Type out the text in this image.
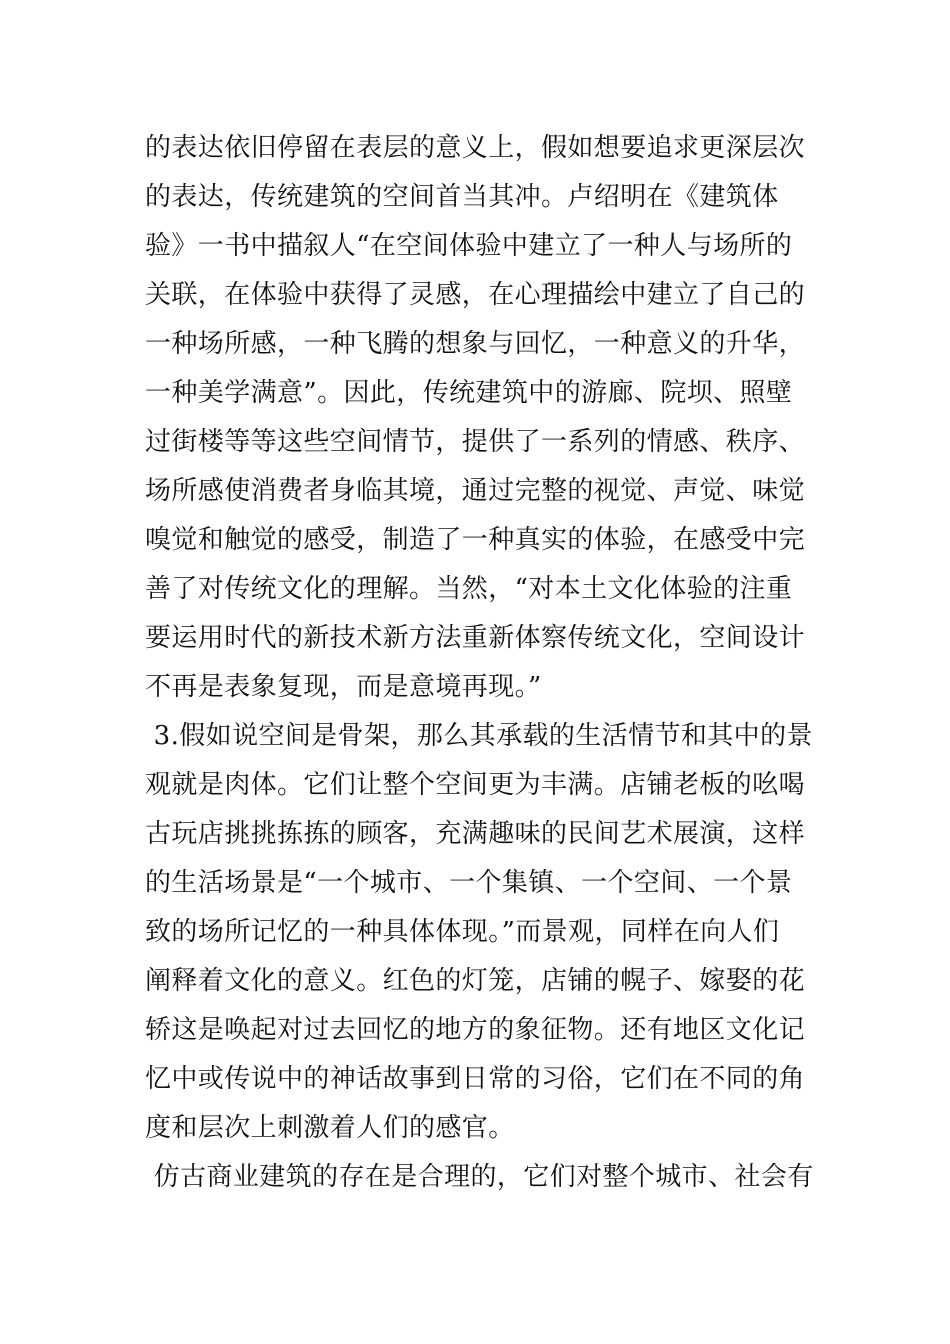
的表达依旧停留在表层的意义上，假如想要追求更深层次
的表达，传统建筑的空间首当其冲。卢绍明在《建筑体
验》一书中描叙人“在空间体验中建立了一种人与场所的
关联，在体验中获得了灵感，在心理描绘中建立了自己的
一种场所感，一种飞腾的想象与回忆，一种意义的升华，
一种美学满意”。因此，传统建筑中的游廊、院坝、照壁
过街楼等等这些空间情节，提供了一系列的情感、秩序、
场所感使消费者身临其境，通过完整的视觉、声觉、味觉
嗅觉和触觉的感受，制造了一种真实的体验，在感受中完
善了对传统文化的理解。当然，“对本土文化体验的注重
要运用时代的新技术新方法重新体察传统文化，空间设计
不再是表象复现，而是意境再现。”
3.假如说空间是骨架，那么其承载的生活情节和其中的景
观就是肉体。它们让整个空间更为丰满。店铺老板的吆喝
古玩店挑挑拣拣的顾客，充满趣味的民间艺术展演，这样
的生活场景是“一个城市、一个集镇、一个空间、一个景
致的场所记忆的一种具体体现。”而景观，同样在向人们
阐释着文化的意义。红色的灯笼，店铺的幌子、嫁娶的花
轿这是唤起对过去回忆的地方的象征物。还有地区文化记
忆中或传说中的神话故事到日常的习俗，它们在不同的角
度和层次上刺激着人们的感官。
仿古商业建筑的存在是合理的，它们对整个城市、社会有
